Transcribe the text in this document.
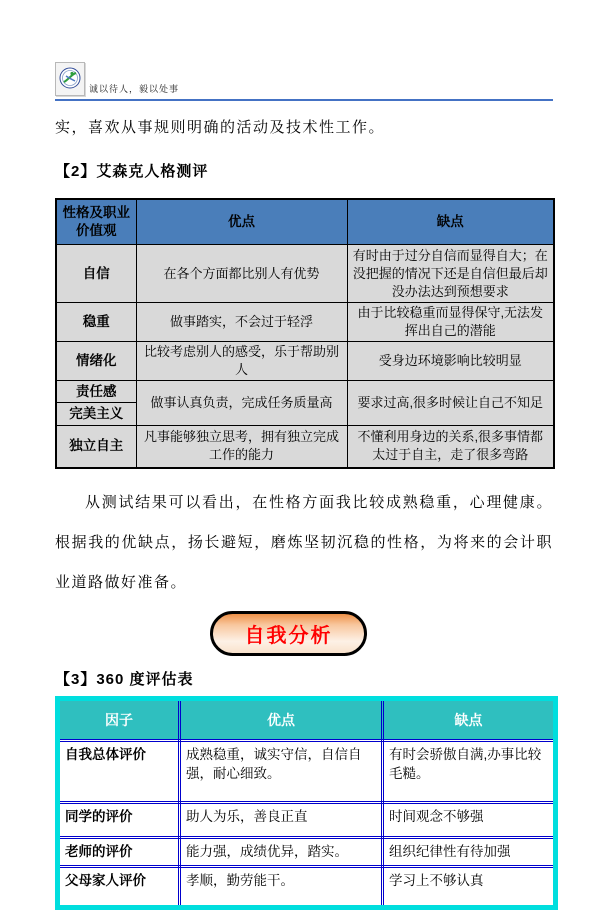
诚以待人，毅以处事

实，喜欢从事规则明确的活动及技术性工作。

【2】艾森克人格测评
性格及职业价值观	优点	缺点
自信	在各个方面都比别人有优势	有时由于过分自信而显得自大；在没把握的情况下还是自信但最后却没办法达到预想要求
稳重	做事踏实，不会过于轻浮	由于比较稳重而显得保守,无法发挥出自己的潜能
情绪化	比较考虑别人的感受，乐于帮助别人	受身边环境影响比较明显
责任感	做事认真负责，完成任务质量高	要求过高,很多时候让自己不知足
完美主义		
独立自主	凡事能够独立思考，拥有独立完成工作的能力	不懂利用身边的关系,很多事情都太过于自主，走了很多弯路

从测试结果可以看出，在性格方面我比较成熟稳重，心理健康。根据我的优缺点，扬长避短，磨炼坚韧沉稳的性格，为将来的会计职业道路做好准备。

自我分析
【3】360 度评估表
因子	优点	缺点
自我总体评价	成熟稳重，诚实守信，自信自强，耐心细致。	有时会骄傲自满,办事比较毛糙。
同学的评价	助人为乐，善良正直	时间观念不够强
老师的评价	能力强，成绩优异，踏实。	组织纪律性有待加强
父母家人评价	孝顺，勤劳能干。	学习上不够认真
